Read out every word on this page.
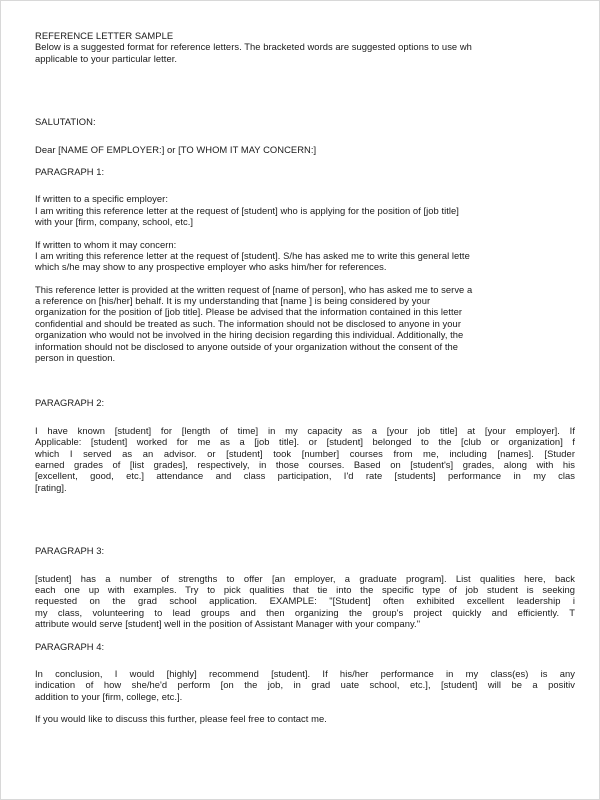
REFERENCE LETTER SAMPLE
Below is a suggested format for reference letters. The bracketed words are suggested options to use wh
applicable to your particular letter.
SALUTATION:
Dear [NAME OF EMPLOYER:] or [TO WHOM IT MAY CONCERN:]
PARAGRAPH 1:
If written to a specific employer:
I am writing this reference letter at the request of [student] who is applying for the position of [job title]
with your [firm, company, school, etc.]
If written to whom it may concern:
I am writing this reference letter at the request of [student]. S/he has asked me to write this general lette
which s/he may show to any prospective employer who asks him/her for references.
This reference letter is provided at the written request of [name of person], who has asked me to serve a
a reference on [his/her] behalf. It is my understanding that [name ] is being considered by your
organization for the position of [job title]. Please be advised that the information contained in this letter
confidential and should be treated as such. The information should not be disclosed to anyone in your
organization who would not be involved in the hiring decision regarding this individual. Additionally, the
information should not be disclosed to anyone outside of your organization without the consent of the
person in question.
PARAGRAPH 2:
I have known [student] for [length of time] in my capacity as a [your job title] at [your employer]. If
Applicable: [student] worked for me as a [job title]. or [student] belonged to the [club or organization] f
which I served as an advisor. or [student] took [number] courses from me, including [names]. [Studer
earned grades of [list grades], respectively, in those courses. Based on [student's] grades, along with his
[excellent, good, etc.] attendance and class participation, I'd rate [students] performance in my clas
[rating].
PARAGRAPH 3:
[student] has a number of strengths to offer [an employer, a graduate program]. List qualities here, back
each one up with examples. Try to pick qualities that tie into the specific type of job student is seeking
requested on the grad school application. EXAMPLE: "[Student] often exhibited excellent leadership i
my class, volunteering to lead groups and then organizing the group's project quickly and efficiently. T
attribute would serve [student] well in the position of Assistant Manager with your company."
PARAGRAPH 4:
In conclusion, I would [highly] recommend [student]. If his/her performance in my class(es) is any
indication of how she/he'd perform [on the job, in grad uate school, etc.], [student] will be a positiv
addition to your [firm, college, etc.].
If you would like to discuss this further, please feel free to contact me.
